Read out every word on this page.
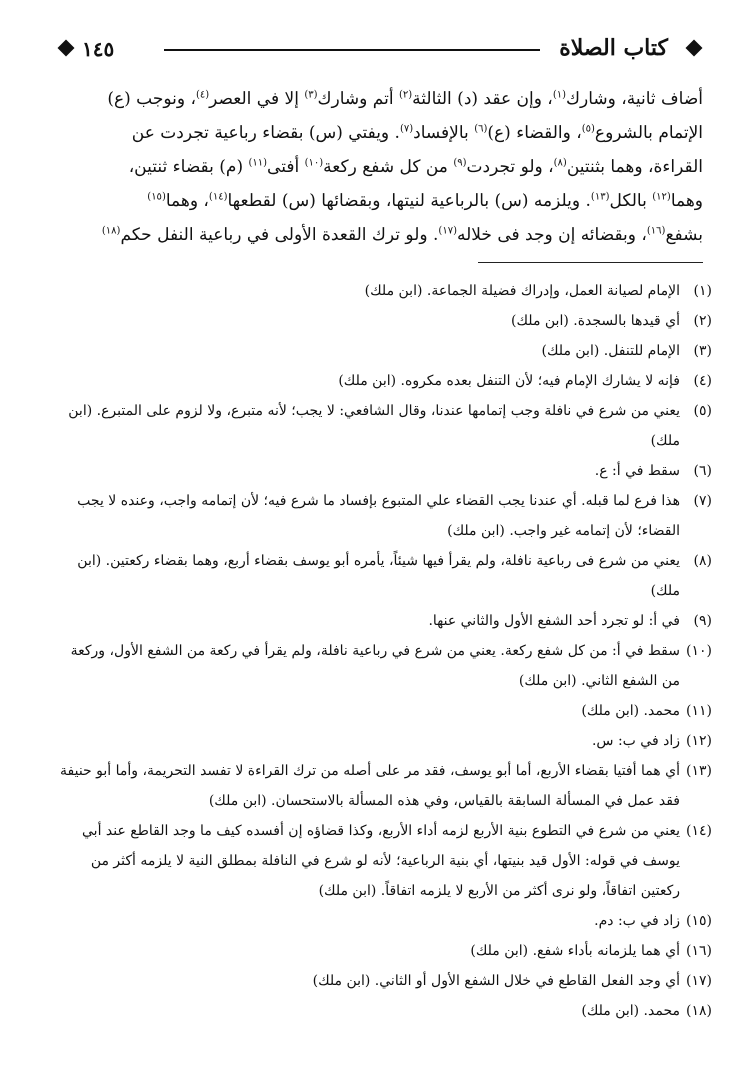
كتاب الصلاة
١٤٥
أضاف ثانية، وشارك$^{(١)}$، وإن عقد (د) الثالثة$^{(٢)}$ أتم وشارك$^{(٣)}$ إلا في العصر$^{(٤)}$، ونوجب (ع)
الإتمام بالشروع$^{(٥)}$، والقضاء (ع)$^{(٦)}$ بالإفساد$^{(٧)}$. ويفتي (س) بقضاء رباعية تجردت عن
القراءة، وهما بثنتين$^{(٨)}$، ولو تجردت$^{(٩)}$ من كل شفع ركعة$^{(١٠)}$ أفتى$^{(١١)}$ (م) بقضاء ثنتين،
وهما$^{(١٢)}$ بالكل$^{(١٣)}$. ويلزمه (س) بالرباعية لنيتها، وبقضائها (س) لقطعها$^{(١٤)}$، وهما$^{(١٥)}$
بشفع$^{(١٦)}$، وبقضائه إن وجد فى خلاله$^{(١٧)}$. ولو ترك القعدة الأولى في رباعية النفل حكم$^{(١٨)}$
(١)
الإمام لصيانة العمل، وإدراك فضيلة الجماعة. (ابن ملك)
(٢)
أي قيدها بالسجدة. (ابن ملك)
(٣)
الإمام للتنفل. (ابن ملك)
(٤)
فإنه لا يشارك الإمام فيه؛ لأن التنفل بعده مكروه. (ابن ملك)
(٥)
يعني من شرع في نافلة وجب إتمامها عندنا، وقال الشافعي: لا يجب؛ لأنه متبرع، ولا لزوم على المتبرع. (ابن ملك)
(٦)
سقط في أ: ع.
(٧)
هذا فرع لما قبله. أي عندنا يجب القضاء علي المتبوع بإفساد ما شرع فيه؛ لأن إتمامه واجب، وعنده لا يجب القضاء؛ لأن إتمامه غير واجب. (ابن ملك)
(٨)
يعني من شرع فى رباعية نافلة، ولم يقرأ فيها شيئاً، يأمره أبو يوسف بقضاء أربع، وهما بقضاء ركعتين. (ابن ملك)
(٩)
في أ: لو تجرد أحد الشفع الأول والثاني عنها.
(١٠)
سقط في أ: من كل شفع ركعة. يعني من شرع في رباعية نافلة، ولم يقرأ في ركعة من الشفع الأول، وركعة من الشفع الثاني. (ابن ملك)
(١١)
محمد. (ابن ملك)
(١٢)
زاد في ب: س.
(١٣)
أي هما أفتيا بقضاء الأربع، أما أبو يوسف، فقد مر على أصله من ترك القراءة لا تفسد التحريمة، وأما أبو حنيفة فقد عمل في المسألة السابقة بالقياس، وفي هذه المسألة بالاستحسان. (ابن ملك)
(١٤)
يعني من شرع في التطوع بنية الأربع لزمه أداء الأربع، وكذا قضاؤه إن أفسده كيف ما وجد القاطع عند أبي يوسف في قوله: الأول قيد بنيتها، أي بنية الرباعية؛ لأنه لو شرع في النافلة بمطلق النية لا يلزمه أكثر من ركعتين اتفاقاً، ولو نرى أكثر من الأربع لا يلزمه اتفاقاً. (ابن ملك)
(١٥)
زاد في ب: دم.
(١٦)
أي هما يلزمانه بأداء شفع. (ابن ملك)
(١٧)
أي وجد الفعل القاطع في خلال الشفع الأول أو الثاني. (ابن ملك)
(١٨)
محمد. (ابن ملك)
